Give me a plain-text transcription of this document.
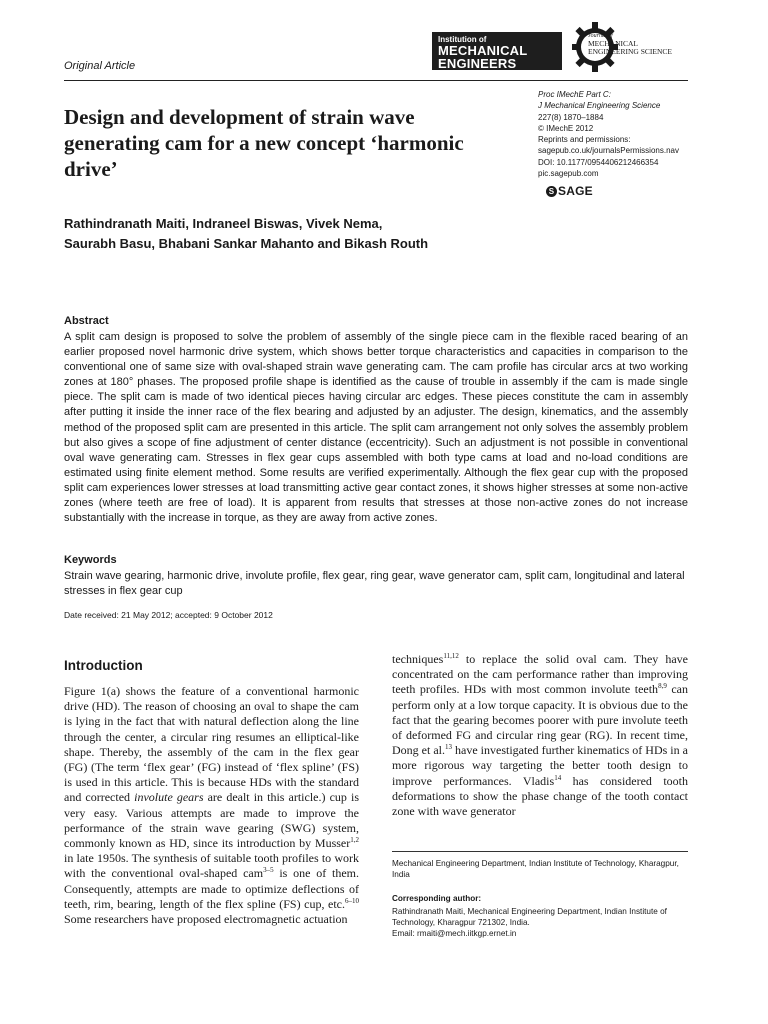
Original Article
Institution of
MECHANICAL
ENGINEERS
Journal of
MECHANICAL
ENGINEERING SCIENCE
Design and development of strain wave generating cam for a new concept ‘harmonic drive’
Proc IMechE Part C:
J Mechanical Engineering Science
227(8) 1870–1884
© IMechE 2012
Reprints and permissions:
sagepub.co.uk/journalsPermissions.nav
DOI: 10.1177/0954406212466354
pic.sagepub.com
S SAGE
Rathindranath Maiti, Indraneel Biswas, Vivek Nema,
Saurabh Basu, Bhabani Sankar Mahanto and Bikash Routh
Abstract
A split cam design is proposed to solve the problem of assembly of the single piece cam in the flexible raced bearing of an earlier proposed novel harmonic drive system, which shows better torque characteristics and capacities in comparison to the conventional one of same size with oval-shaped strain wave generating cam. The cam profile has circular arcs at two working zones at 180° phases. The proposed profile shape is identified as the cause of trouble in assembly if the cam is made single piece. The split cam is made of two identical pieces having circular arc edges. These pieces constitute the cam in assembly after putting it inside the inner race of the flex bearing and adjusted by an adjuster. The design, kinematics, and the assembly method of the proposed split cam are presented in this article. The split cam arrangement not only solves the assembly problem but also gives a scope of fine adjustment of center distance (eccentricity). Such an adjustment is not possible in conventional oval wave generating cam. Stresses in flex gear cups assembled with both type cams at load and no-load conditions are estimated using finite element method. Some results are verified experimentally. Although the flex gear cup with the proposed split cam experiences lower stresses at load transmitting active gear contact zones, it shows higher stresses at some non-active zones (where teeth are free of load). It is apparent from results that stresses at those non-active zones do not increase substantially with the increase in torque, as they are away from active zones.
Keywords
Strain wave gearing, harmonic drive, involute profile, flex gear, ring gear, wave generator cam, split cam, longitudinal and lateral stresses in flex gear cup
Date received: 21 May 2012; accepted: 9 October 2012
Introduction
Figure 1(a) shows the feature of a conventional harmonic drive (HD). The reason of choosing an oval to shape the cam is lying in the fact that with natural deflection along the line through the center, a circular ring resumes an elliptical-like shape. Thereby, the assembly of the cam in the flex gear (FG) (The term ‘flex gear’ (FG) instead of ‘flex spline’ (FS) is used in this article. This is because HDs with the standard and corrected involute gears are dealt in this article.) cup is very easy. Various attempts are made to improve the performance of the strain wave gearing (SWG) system, commonly known as HD, since its introduction by Musser$^{1,2}$ in late 1950s. The synthesis of suitable tooth profiles to work with the conventional oval-shaped cam$^{3-5}$ is one of them. Consequently, attempts are made to optimize deflections of teeth, rim, bearing, length of the flex spline (FS) cup, etc.$^{6-10}$ Some researchers have proposed electromagnetic actuation
techniques$^{11,12}$ to replace the solid oval cam. They have concentrated on the cam performance rather than improving teeth profiles. HDs with most common involute teeth$^{8,9}$ can perform only at a low torque capacity. It is obvious due to the fact that the gearing becomes poorer with pure involute teeth of deformed FG and circular ring gear (RG). In recent time, Dong et al.$^{13}$ have investigated further kinematics of HDs in a more rigorous way targeting the better tooth design to improve performances. Vladis$^{14}$ has considered tooth deformations to show the phase change of the tooth contact zone with wave generator
Mechanical Engineering Department, Indian Institute of Technology, Kharagpur, India
Corresponding author:
Rathindranath Maiti, Mechanical Engineering Department, Indian Institute of Technology, Kharagpur 721302, India.
Email: rmaiti@mech.iitkgp.ernet.in
